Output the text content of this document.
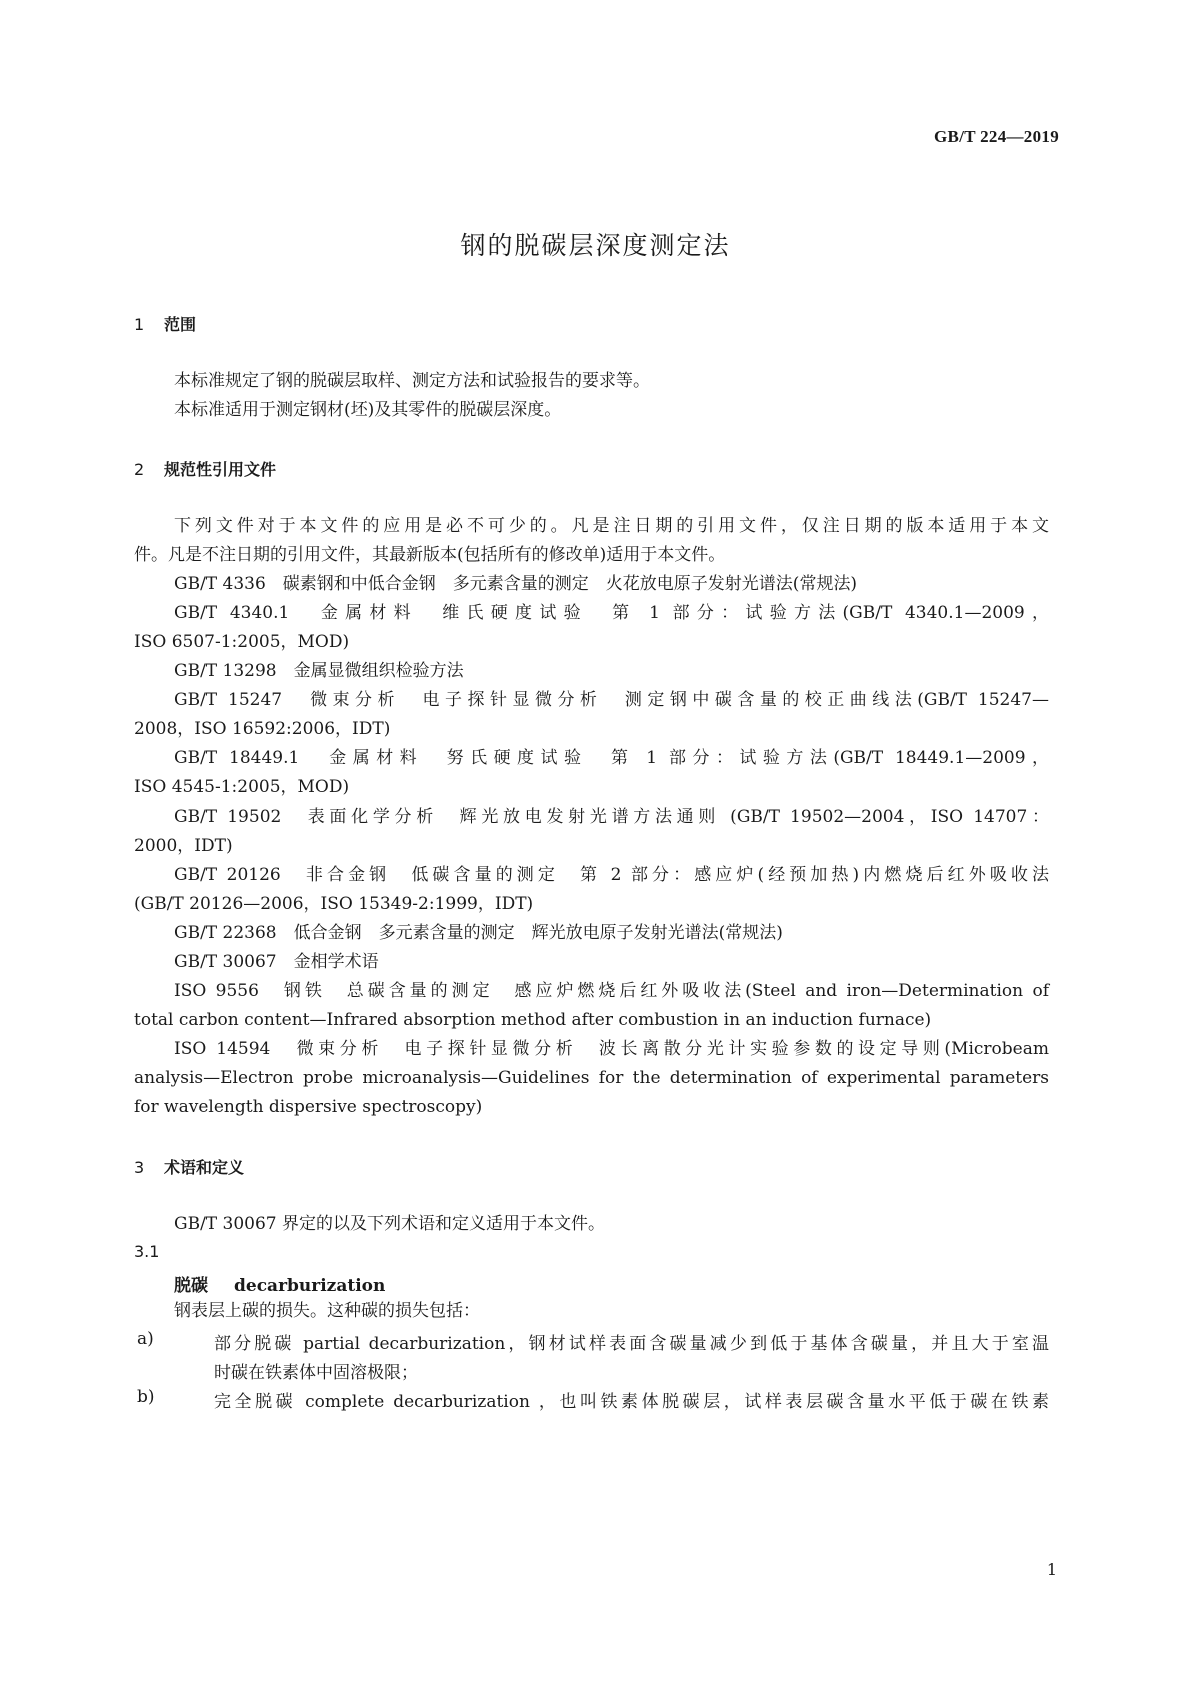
GB/T 224—2019
钢的脱碳层深度测定法
1 范围
本标准规定了钢的脱碳层取样、测定方法和试验报告的要求等。
本标准适用于测定钢材(坯)及其零件的脱碳层深度。
2 规范性引用文件
下列文件对于本文件的应用是必不可少的。凡是注日期的引用文件，仅注日期的版本适用于本文
件。凡是不注日期的引用文件，其最新版本(包括所有的修改单)适用于本文件。
GB/T 4336　碳素钢和中低合金钢　多元素含量的测定　火花放电原子发射光谱法(常规法)
GB/T 4340.1　金属材料　维氏硬度试验　第 1 部分：试验方法(GB/T 4340.1—2009，
ISO 6507-1:2005，MOD)
GB/T 13298　金属显微组织检验方法
GB/T 15247　微束分析　电子探针显微分析　测定钢中碳含量的校正曲线法(GB/T 15247—
2008，ISO 16592:2006，IDT)
GB/T 18449.1　金属材料　努氏硬度试验　第 1 部分：试验方法(GB/T 18449.1—2009，
ISO 4545-1:2005，MOD)
GB/T 19502　表面化学分析　辉光放电发射光谱方法通则 (GB/T 19502—2004，ISO 14707：
2000，IDT)
GB/T 20126　非合金钢　低碳含量的测定　第 2 部分：感应炉(经预加热)内燃烧后红外吸收法
(GB/T 20126—2006，ISO 15349-2:1999，IDT)
GB/T 22368　低合金钢　多元素含量的测定　辉光放电原子发射光谱法(常规法)
GB/T 30067　金相学术语
ISO 9556　钢铁　总碳含量的测定　感应炉燃烧后红外吸收法(Steel and iron—Determination of
total carbon content—Infrared absorption method after combustion in an induction furnace)
ISO 14594　微束分析　电子探针显微分析　波长离散分光计实验参数的设定导则(Microbeam
analysis—Electron probe microanalysis—Guidelines for the determination of experimental parameters
for wavelength dispersive spectroscopy)
3 术语和定义
GB/T 30067 界定的以及下列术语和定义适用于本文件。
3.1
脱碳 decarburization
钢表层上碳的损失。这种碳的损失包括：
a)	部分脱碳 partial decarburization，钢材试样表面含碳量减少到低于基体含碳量，并且大于室温
时碳在铁素体中固溶极限；
b)	完全脱碳 complete decarburization ，也叫铁素体脱碳层，试样表层碳含量水平低于碳在铁素
1
